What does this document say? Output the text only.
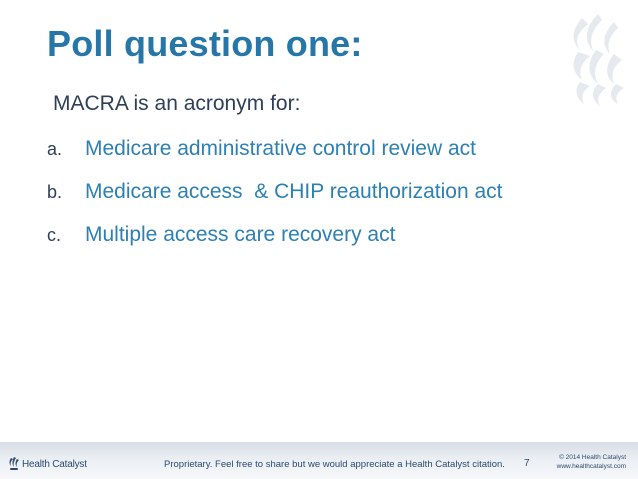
Poll question one:
MACRA is an acronym for:
a. Medicare administrative control review act
b. Medicare access  & CHIP reauthorization act
c. Multiple access care recovery act
Health Catalyst	Proprietary. Feel free to share but we would appreciate a Health Catalyst citation. 7
© 2014 Health Catalyst
www.healthcatalyst.com
